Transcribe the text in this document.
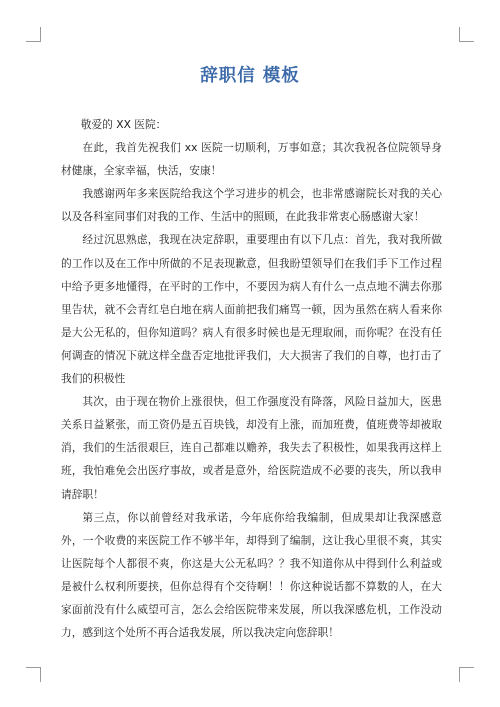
辞职信 模板

敬爱的 XX 医院：

在此，我首先祝我们 xx 医院一切顺利，万事如意；其次我祝各位院领导身材健康，全家幸福，快活，安康！

我感谢两年多来医院给我这个学习进步的机会，也非常感谢院长对我的关心以及各科室同事们对我的工作、生活中的照顾，在此我非常衷心肠感谢大家！

经过沉思熟虑，我现在决定辞职，重要理由有以下几点：首先，我对我所做的工作以及在工作中所做的不足表现歉意，但我盼望领导们在我们手下工作过程中给予更多地懂得，在平时的工作中，不要因为病人有什么一点点地不满去你那里告状，就不会青红皂白地在病人面前把我们痛骂一顿，因为虽然在病人看来你是大公无私的，但你知道吗？病人有很多时候也是无理取闹，而你呢？在没有任何调查的情况下就这样全盘否定地批评我们，大大损害了我们的自尊，也打击了我们的积极性

其次，由于现在物价上涨很快，但工作强度没有降落，风险日益加大，医患关系日益紧张，而工资仍是五百块钱，却没有上涨，而加班费，值班费等却被取消，我们的生活很艰巨，连自己都难以赡养，我失去了积极性，如果我再这样上班，我怕难免会出医疗事故，或者是意外，给医院造成不必要的丧失，所以我申请辞职！

第三点，你以前曾经对我承诺，今年底你给我编制，但成果却让我深感意外，一个收费的来医院工作不够半年，却得到了编制，这让我心里很不爽，其实让医院每个人都很不爽，你这是大公无私吗？？我不知道你从中得到什么利益或是被什么权利所要挟，但你总得有个交待啊！！你这种说话都不算数的人，在大家面前没有什么威望可言，怎么会给医院带来发展，所以我深感危机，工作没动力，感到这个处所不再合适我发展，所以我决定向您辞职！
